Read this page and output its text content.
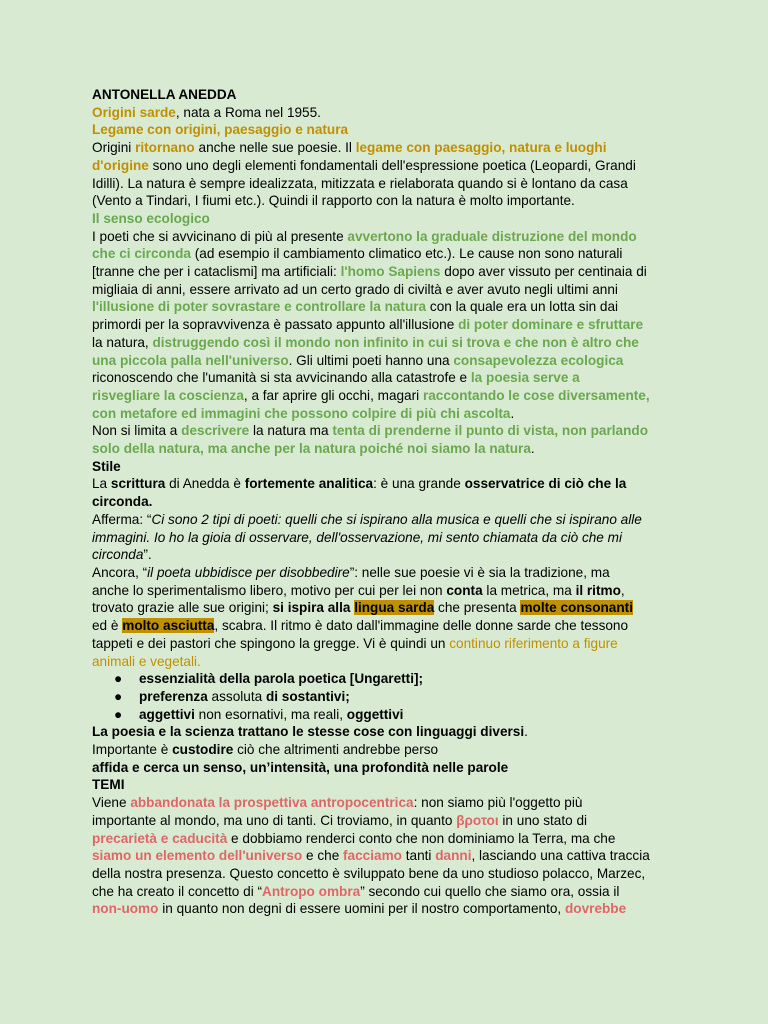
ANTONELLA ANEDDA
Origini sarde, nata a Roma nel 1955.
Legame con origini, paesaggio e natura
Origini ritornano anche nelle sue poesie. Il legame con paesaggio, natura e luoghi
d'origine sono uno degli elementi fondamentali dell'espressione poetica (Leopardi, Grandi
Idilli). La natura è sempre idealizzata, mitizzata e rielaborata quando si è lontano da casa
(Vento a Tindari, I fiumi etc.). Quindi il rapporto con la natura è molto importante.
Il senso ecologico
I poeti che si avvicinano di più al presente avvertono la graduale distruzione del mondo
che ci circonda (ad esempio il cambiamento climatico etc.). Le cause non sono naturali
[tranne che per i cataclismi] ma artificiali: l'homo Sapiens dopo aver vissuto per centinaia di
migliaia di anni, essere arrivato ad un certo grado di civiltà e aver avuto negli ultimi anni
l'illusione di poter sovrastare e controllare la natura con la quale era un lotta sin dai
primordi per la sopravvivenza è passato appunto all'illusione di poter dominare e sfruttare
la natura, distruggendo così il mondo non infinito in cui si trova e che non è altro che
una piccola palla nell'universo. Gli ultimi poeti hanno una consapevolezza ecologica
riconoscendo che l'umanità si sta avvicinando alla catastrofe e la poesia serve a
risvegliare la coscienza, a far aprire gli occhi, magari raccontando le cose diversamente,
con metafore ed immagini che possono colpire di più chi ascolta.
Non si limita a descrivere la natura ma tenta di prenderne il punto di vista, non parlando
solo della natura, ma anche per la natura poiché noi siamo la natura.
Stile
La scrittura di Anedda è fortemente analitica: è una grande osservatrice di ciò che la
circonda.
Afferma: “Ci sono 2 tipi di poeti: quelli che si ispirano alla musica e quelli che si ispirano alle
immagini. Io ho la gioia di osservare, dell'osservazione, mi sento chiamata da ciò che mi
circonda”.
Ancora, “il poeta ubbidisce per disobbedire”: nelle sue poesie vi è sia la tradizione, ma
anche lo sperimentalismo libero, motivo per cui per lei non conta la metrica, ma il ritmo,
trovato grazie alle sue origini; si ispira alla lingua sarda che presenta molte consonanti
ed è molto asciutta, scabra. Il ritmo è dato dall'immagine delle donne sarde che tessono
tappeti e dei pastori che spingono la gregge. Vi è quindi un continuo riferimento a figure
animali e vegetali.
● essenzialità della parola poetica [Ungaretti];
● preferenza assoluta di sostantivi;
● aggettivi non esornativi, ma reali, oggettivi
La poesia e la scienza trattano le stesse cose con linguaggi diversi.
Importante è custodire ciò che altrimenti andrebbe perso
affida e cerca un senso, un’intensità, una profondità nelle parole
TEMI
Viene abbandonata la prospettiva antropocentrica: non siamo più l'oggetto più
importante al mondo, ma uno di tanti. Ci troviamo, in quanto βροτοι in uno stato di
precarietà e caducità e dobbiamo renderci conto che non dominiamo la Terra, ma che
siamo un elemento dell'universo e che facciamo tanti danni, lasciando una cattiva traccia
della nostra presenza. Questo concetto è sviluppato bene da uno studioso polacco, Marzec,
che ha creato il concetto di “Antropo ombra” secondo cui quello che siamo ora, ossia il
non-uomo in quanto non degni di essere uomini per il nostro comportamento, dovrebbe
